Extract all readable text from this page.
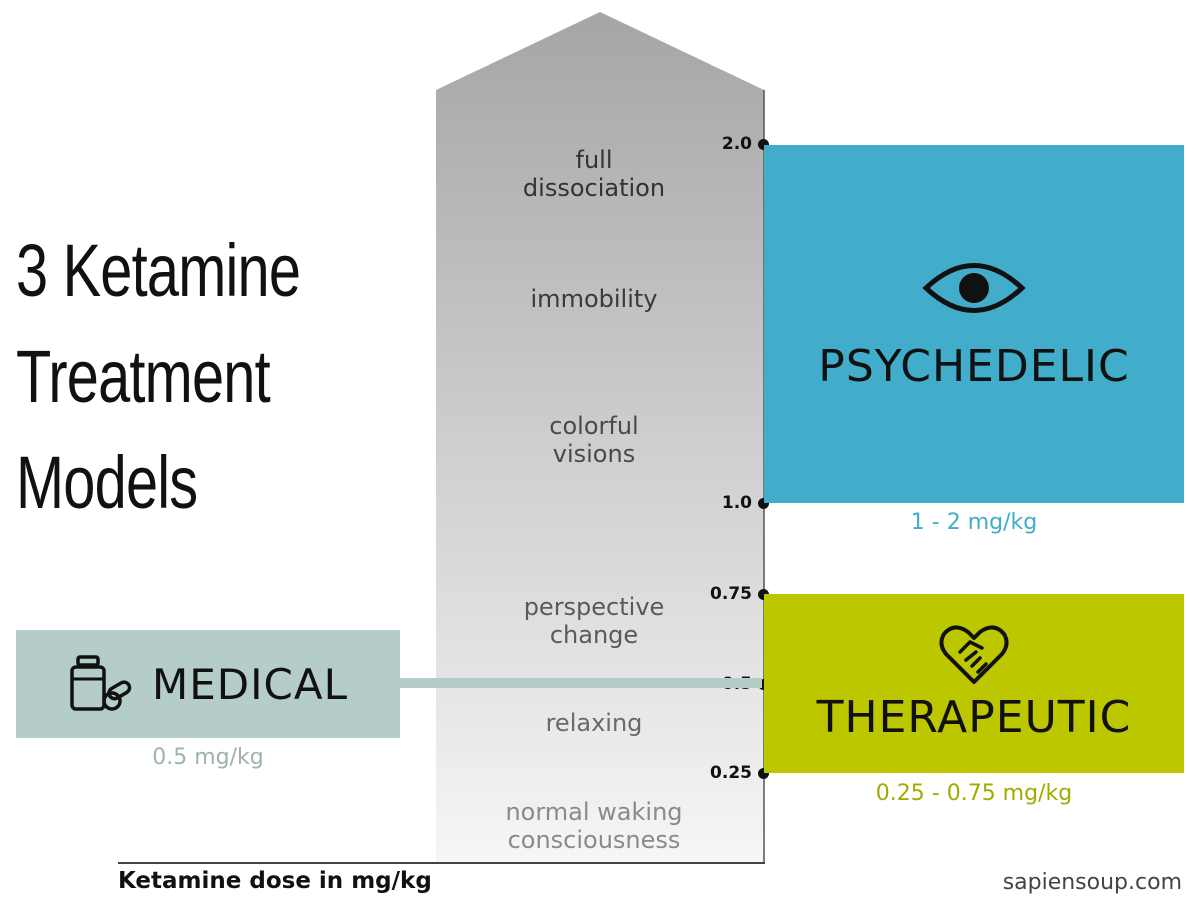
3 Ketamine
Treatment
Models
full
dissociation
immobility
colorful
visions
perspective
change
relaxing
normal waking
consciousness
2.0
1.0
0.75
0.25
PSYCHEDELIC
1 - 2 mg/kg
THERAPEUTIC
0.25 - 0.75 mg/kg
MEDICAL
0.5 mg/kg
Ketamine dose in mg/kg	sapiensoup.com
